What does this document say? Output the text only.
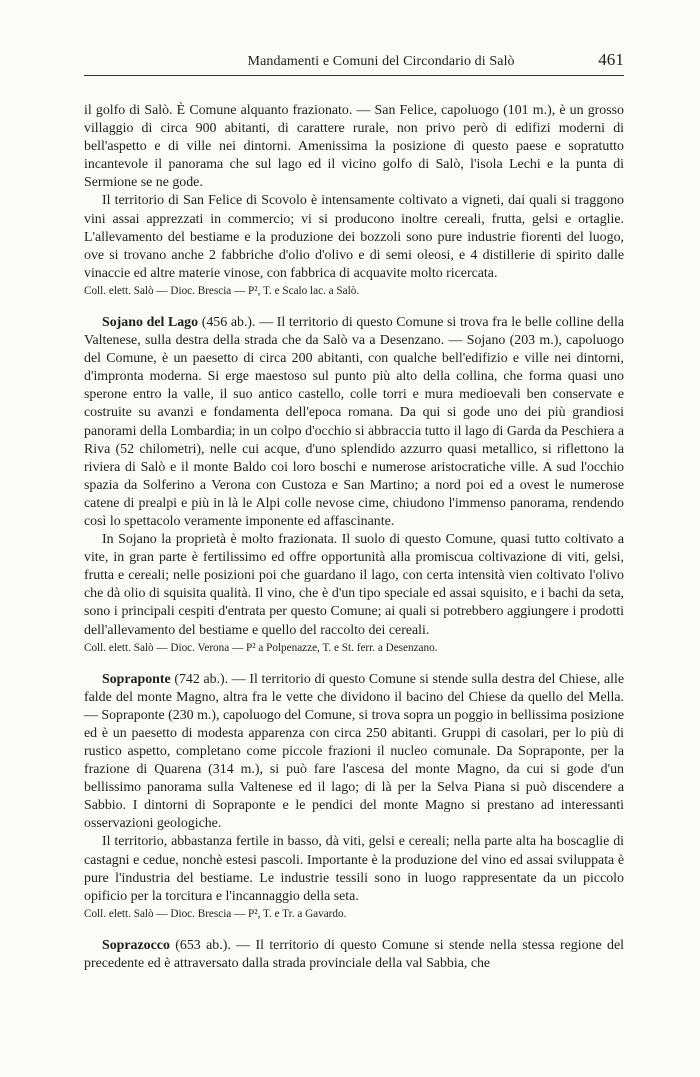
Mandamenti e Comuni del Circondario di Salò	461

il golfo di Salò. È Comune alquanto frazionato. — San Felice, capoluogo (101 m.), è un grosso villaggio di circa 900 abitanti, di carattere rurale, non privo però di edifizi moderni di bell'aspetto e di ville nei dintorni. Amenissima la posizione di questo paese e sopratutto incantevole il panorama che sul lago ed il vicino golfo di Salò, l'isola Lechi e la punta di Sermione se ne gode.

Il territorio di San Felice di Scovolo è intensamente coltivato a vigneti, dai quali si traggono vini assai apprezzati in commercio; vi si producono inoltre cereali, frutta, gelsi e ortaglie. L'allevamento del bestiame e la produzione dei bozzoli sono pure industrie fiorenti del luogo, ove si trovano anche 2 fabbriche d'olio d'olivo e di semi oleosi, e 4 distillerie di spirito dalle vinaccie ed altre materie vinose, con fabbrica di acquavite molto ricercata.

Coll. elett. Salò — Dioc. Brescia — P², T. e Scalo lac. a Salò.

Sojano del Lago (456 ab.). — Il territorio di questo Comune si trova fra le belle colline della Valtenese, sulla destra della strada che da Salò va a Desenzano. — Sojano (203 m.), capoluogo del Comune, è un paesetto di circa 200 abitanti, con qualche bell'edifizio e ville nei dintorni, d'impronta moderna. Si erge maestoso sul punto più alto della collina, che forma quasi uno sperone entro la valle, il suo antico castello, colle torri e mura medioevali ben conservate e costruite su avanzi e fondamenta dell'epoca romana. Da qui si gode uno dei più grandiosi panorami della Lombardia; in un colpo d'occhio si abbraccia tutto il lago di Garda da Peschiera a Riva (52 chilometri), nelle cui acque, d'uno splendido azzurro quasi metallico, si riflettono la riviera di Salò e il monte Baldo coi loro boschi e numerose aristocratiche ville. A sud l'occhio spazia da Solferino a Verona con Custoza e San Martino; a nord poi ed a ovest le numerose catene di prealpi e più in là le Alpi colle nevose cime, chiudono l'immenso panorama, rendendo così lo spettacolo veramente imponente ed affascinante.

In Sojano la proprietà è molto frazionata. Il suolo di questo Comune, quasi tutto coltivato a vite, in gran parte è fertilissimo ed offre opportunità alla promiscua coltivazione di viti, gelsi, frutta e cereali; nelle posizioni poi che guardano il lago, con certa intensità vien coltivato l'olivo che dà olio di squisita qualità. Il vino, che è d'un tipo speciale ed assai squisito, e i bachi da seta, sono i principali cespiti d'entrata per questo Comune; ai quali si potrebbero aggiungere i prodotti dell'allevamento del bestiame e quello del raccolto dei cereali.

Coll. elett. Salò — Dioc. Verona — P² a Polpenazze, T. e St. ferr. a Desenzano.

Sopraponte (742 ab.). — Il territorio di questo Comune si stende sulla destra del Chiese, alle falde del monte Magno, altra fra le vette che dividono il bacino del Chiese da quello del Mella. — Sopraponte (230 m.), capoluogo del Comune, si trova sopra un poggio in bellissima posizione ed è un paesetto di modesta apparenza con circa 250 abitanti. Gruppi di casolari, per lo più di rustico aspetto, completano come piccole frazioni il nucleo comunale. Da Sopraponte, per la frazione di Quarena (314 m.), si può fare l'ascesa del monte Magno, da cui si gode d'un bellissimo panorama sulla Valtenese ed il lago; di là per la Selva Piana si può discendere a Sabbio. I dintorni di Sopraponte e le pendici del monte Magno si prestano ad interessanti osservazioni geologiche.

Il territorio, abbastanza fertile in basso, dà viti, gelsi e cereali; nella parte alta ha boscaglie di castagni e cedue, nonchè estesi pascoli. Importante è la produzione del vino ed assai sviluppata è pure l'industria del bestiame. Le industrie tessili sono in luogo rappresentate da un piccolo opificio per la torcitura e l'incannaggio della seta.

Coll. elett. Salò — Dioc. Brescia — P², T. e Tr. a Gavardo.

Soprazocco (653 ab.). — Il territorio di questo Comune si stende nella stessa regione del precedente ed è attraversato dalla strada provinciale della val Sabbia, che
